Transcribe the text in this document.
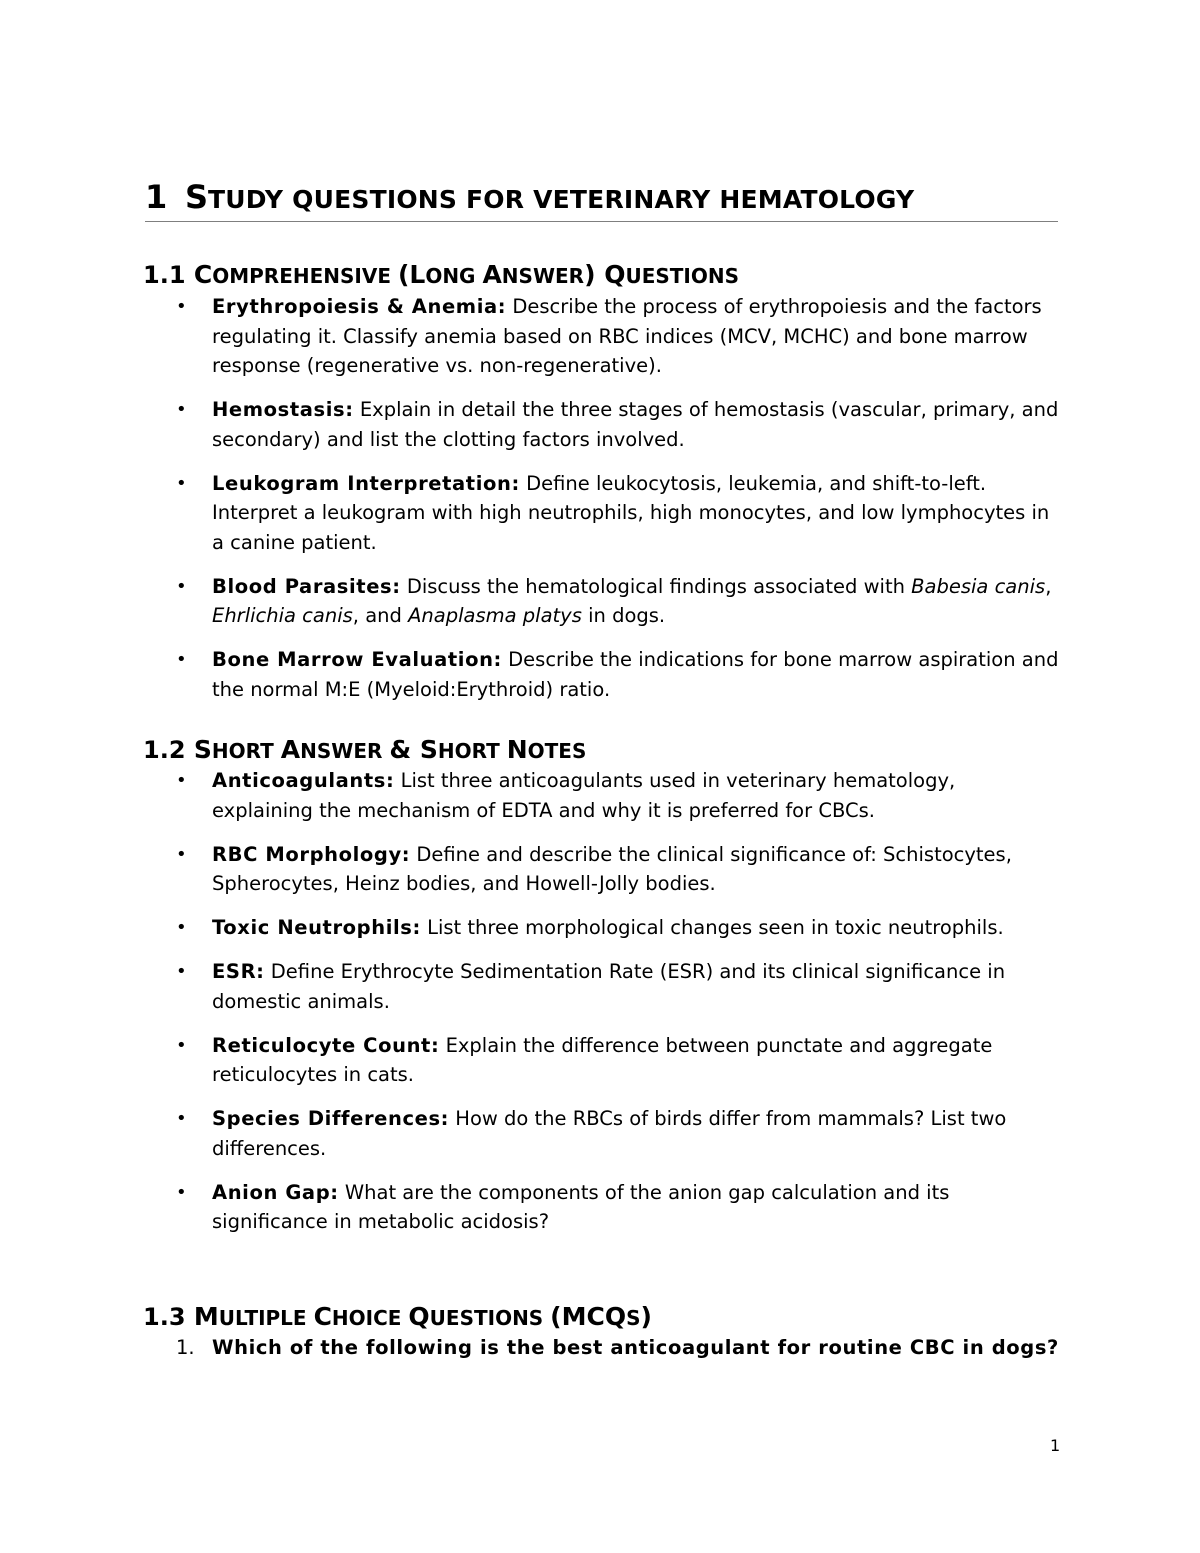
1 STUDY QUESTIONS FOR VETERINARY HEMATOLOGY
1.1 COMPREHENSIVE (LONG ANSWER) QUESTIONS
• Erythropoiesis & Anemia: Describe the process of erythropoiesis and the factors regulating it. Classify anemia based on RBC indices (MCV, MCHC) and bone marrow response (regenerative vs. non-regenerative).
• Hemostasis: Explain in detail the three stages of hemostasis (vascular, primary, and secondary) and list the clotting factors involved.
• Leukogram Interpretation: Define leukocytosis, leukemia, and shift-to-left. Interpret a leukogram with high neutrophils, high monocytes, and low lymphocytes in a canine patient.
• Blood Parasites: Discuss the hematological findings associated with Babesia canis, Ehrlichia canis, and Anaplasma platys in dogs.
• Bone Marrow Evaluation: Describe the indications for bone marrow aspiration and the normal M:E (Myeloid:Erythroid) ratio.
1.2 SHORT ANSWER & SHORT NOTES
• Anticoagulants: List three anticoagulants used in veterinary hematology, explaining the mechanism of EDTA and why it is preferred for CBCs.
• RBC Morphology: Define and describe the clinical significance of: Schistocytes, Spherocytes, Heinz bodies, and Howell-Jolly bodies.
• Toxic Neutrophils: List three morphological changes seen in toxic neutrophils.
• ESR: Define Erythrocyte Sedimentation Rate (ESR) and its clinical significance in domestic animals.
• Reticulocyte Count: Explain the difference between punctate and aggregate reticulocytes in cats.
• Species Differences: How do the RBCs of birds differ from mammals? List two differences.
• Anion Gap: What are the components of the anion gap calculation and its significance in metabolic acidosis?
1.3 MULTIPLE CHOICE QUESTIONS (MCQS)
1. Which of the following is the best anticoagulant for routine CBC in dogs?
1
